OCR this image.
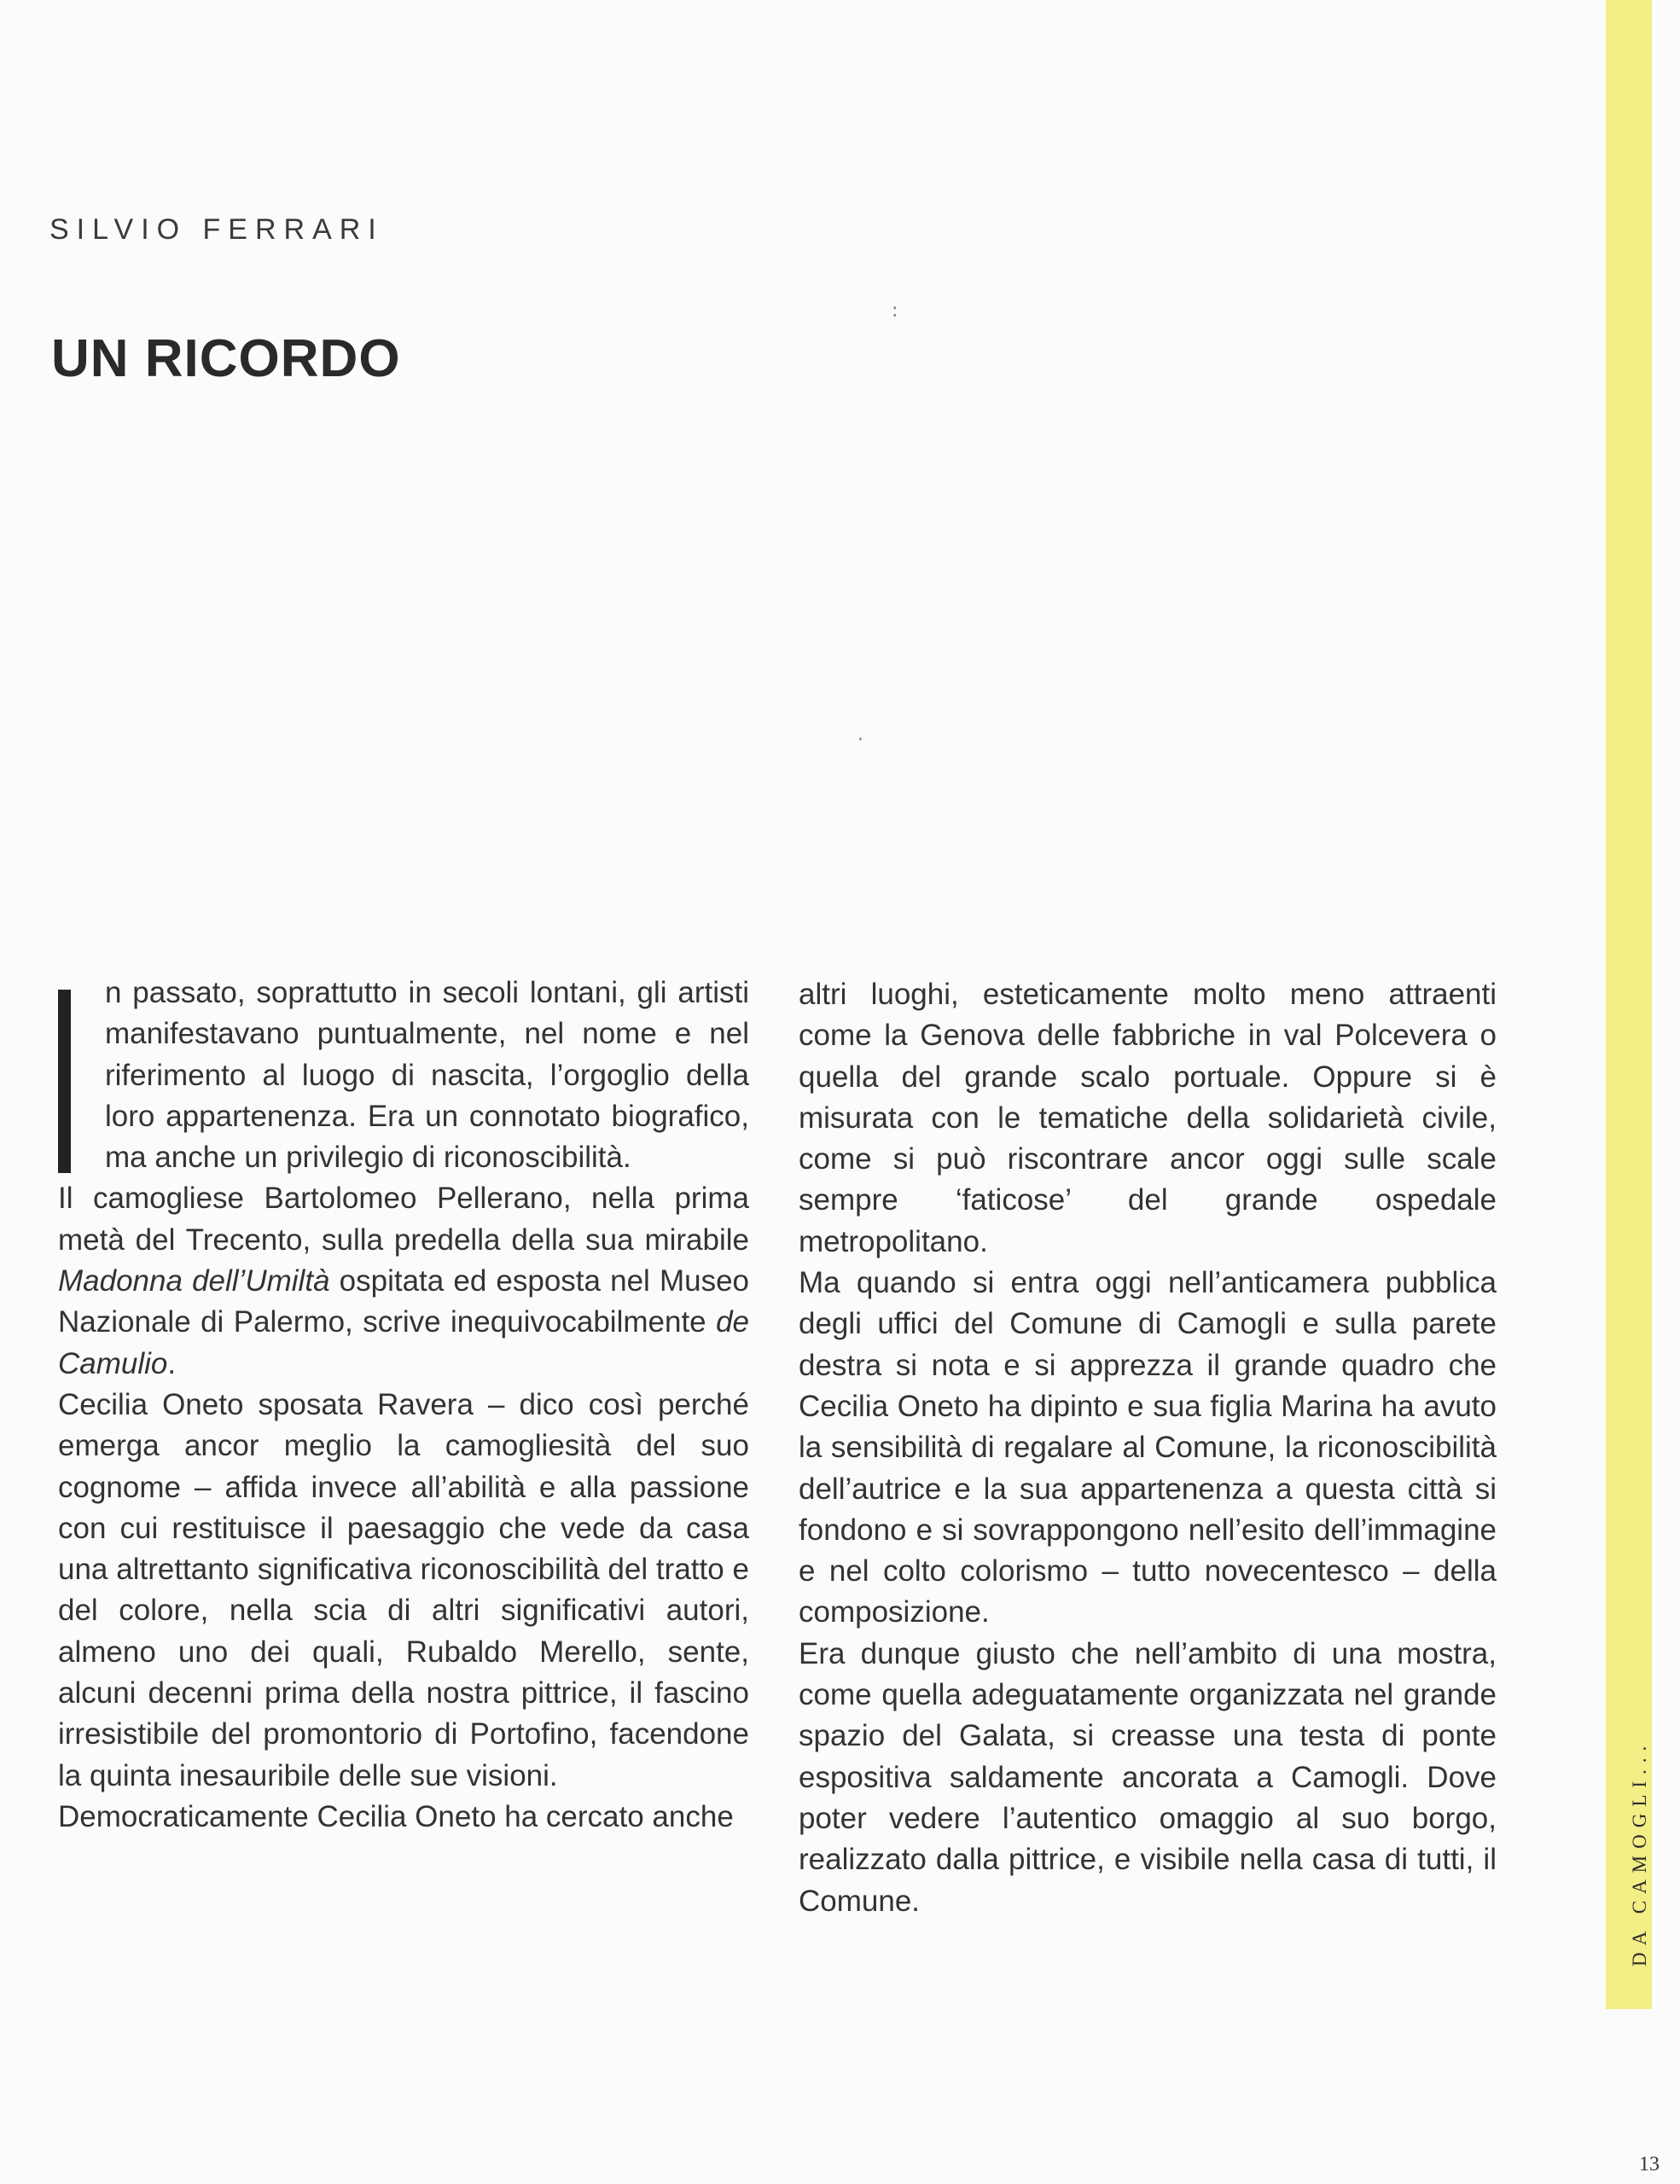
SILVIO FERRARI
UN RICORDO
:
·

n passato, soprattutto in secoli lontani, gli artisti manifestavano puntualmente, nel nome e nel riferimento al luogo di nascita, l’orgoglio della loro appartenenza. Era un connotato biografico, ma anche un privilegio di riconoscibilità.

Il camogliese Bartolomeo Pellerano, nella prima metà del Trecento, sulla predella della sua mirabile Madonna dell’Umiltà ospitata ed esposta nel Museo Nazionale di Palermo, scrive inequivocabilmente de Camulio.

Cecilia Oneto sposata Ravera – dico così perché emerga ancor meglio la camogliesità del suo cognome – affida invece all’abilità e alla passione con cui restituisce il paesaggio che vede da casa una altrettanto significativa riconoscibilità del tratto e del colore, nella scia di altri significativi autori, almeno uno dei quali, Rubaldo Merello, sente, alcuni decenni prima della nostra pittrice, il fascino irresistibile del promontorio di Portofino, facendone la quinta inesauribile delle sue visioni.

Democraticamente Cecilia Oneto ha cercato anche

altri luoghi, esteticamente molto meno attraenti come la Genova delle fabbriche in val Polcevera o quella del grande scalo portuale. Oppure si è misurata con le tematiche della solidarietà civile, come si può riscontrare ancor oggi sulle scale sempre ‘faticose’ del grande ospedale metropolitano.

Ma quando si entra oggi nell’anticamera pubblica degli uffici del Comune di Camogli e sulla parete destra si nota e si apprezza il grande quadro che Cecilia Oneto ha dipinto e sua figlia Marina ha avuto la sensibilità di regalare al Comune, la riconoscibilità dell’autrice e la sua appartenenza a questa città si fondono e si sovrappongono nell’esito dell’immagine e nel colto colorismo – tutto novecentesco – della composizione.

Era dunque giusto che nell’ambito di una mostra, come quella adeguatamente organizzata nel grande spazio del Galata, si creasse una testa di ponte espositiva saldamente ancorata a Camogli. Dove poter vedere l’autentico omaggio al suo borgo, realizzato dalla pittrice, e visibile nella casa di tutti, il Comune.	DA CAMOGLI...
13
